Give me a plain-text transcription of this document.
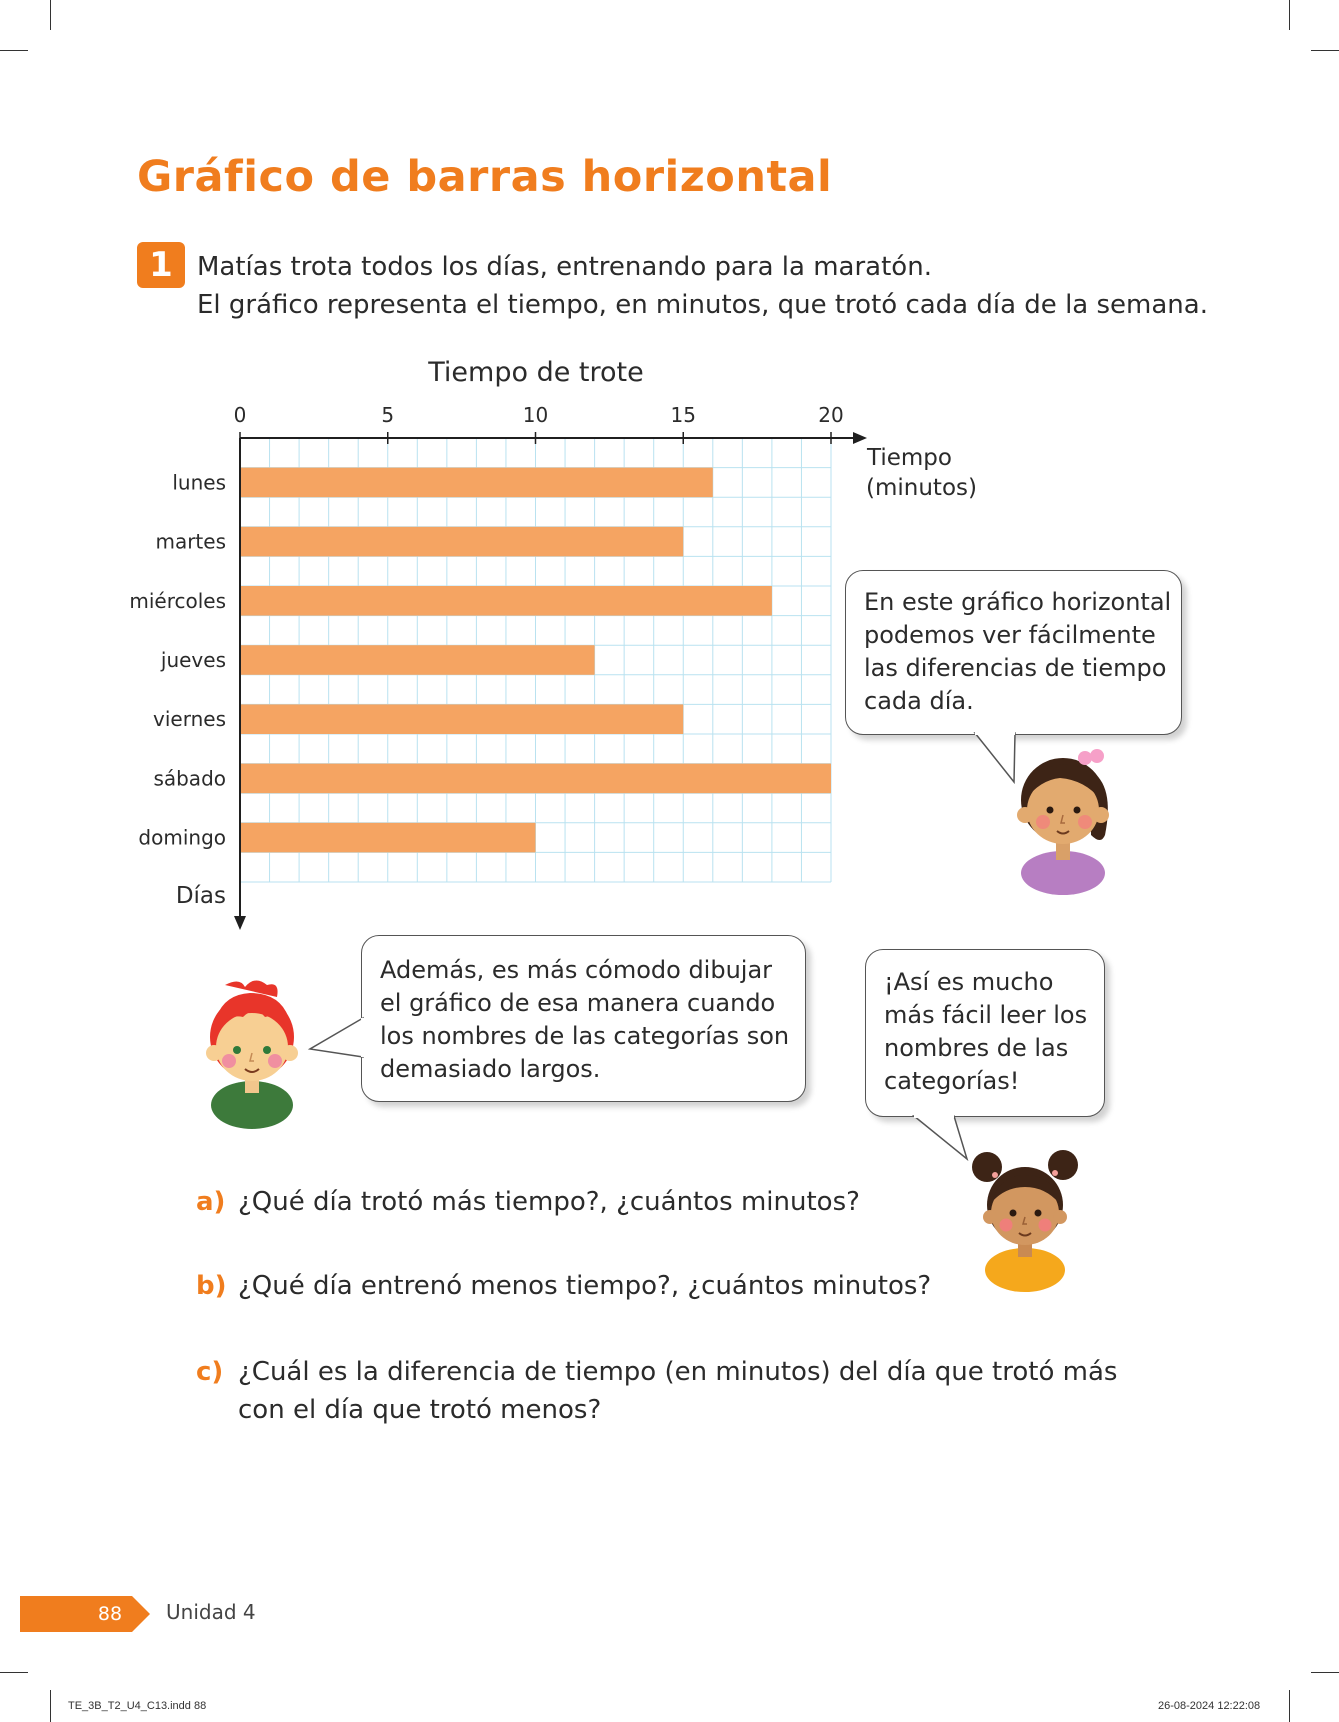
Gráfico de barras horizontal
1 Matías trota todos los días, entrenando para la maratón.
El gráfico representa el tiempo, en minutos, que trotó cada día de la semana.
lunes
martes
miércoles
jueves
viernes
sábado
domingo
0	5	10	15	20
Tiempo de trote
Tiempo
(minutos)
Días
En este gráfico horizontal
podemos ver fácilmente
las diferencias de tiempo
cada día.
Además, es más cómodo dibujar
el gráfico de esa manera cuando
los nombres de las categorías son
demasiado largos.
¡Así es mucho
más fácil leer los
nombres de las
categorías!
a) ¿Qué día trotó más tiempo?, ¿cuántos minutos?
b) ¿Qué día entrenó menos tiempo?, ¿cuántos minutos?
c) ¿Cuál es la diferencia de tiempo (en minutos) del día que trotó más
con el día que trotó menos?
88	Unidad 4
TE_3B_T2_U4_C13.indd 88	26-08-2024 12:22:08
